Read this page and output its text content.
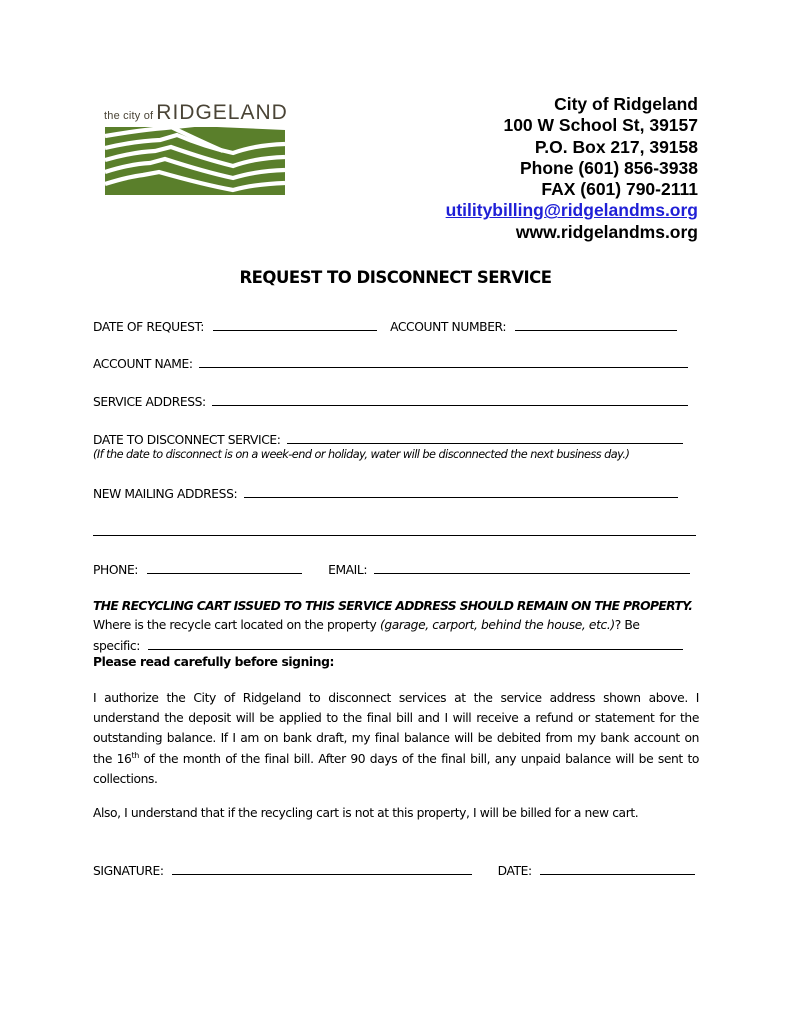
the city of RIDGELAND	City of Ridgeland
100 W School St, 39157
P.O. Box 217, 39158
Phone (601) 856-3938
FAX (601) 790-2111
utilitybilling@ridgelandms.org
www.ridgelandms.org
REQUEST TO DISCONNECT SERVICE
DATE OF REQUEST:	ACCOUNT NUMBER:
ACCOUNT NAME:
SERVICE ADDRESS:
DATE TO DISCONNECT SERVICE:
(If the date to disconnect is on a week-end or holiday, water will be disconnected the next business day.)
NEW MAILING ADDRESS:
PHONE:	EMAIL:
THE RECYCLING CART ISSUED TO THIS SERVICE ADDRESS SHOULD REMAIN ON THE PROPERTY.
Where is the recycle cart located on the property (garage, carport, behind the house, etc.)? Be
specific:
Please read carefully before signing:
I authorize the City of Ridgeland to disconnect services at the service address shown above. I understand the deposit will be applied to the final bill and I will receive a refund or statement for the outstanding balance. If I am on bank draft, my final balance will be debited from my bank account on the 16th of the month of the final bill. After 90 days of the final bill, any unpaid balance will be sent to collections.
Also, I understand that if the recycling cart is not at this property, I will be billed for a new cart.
SIGNATURE:	DATE:
